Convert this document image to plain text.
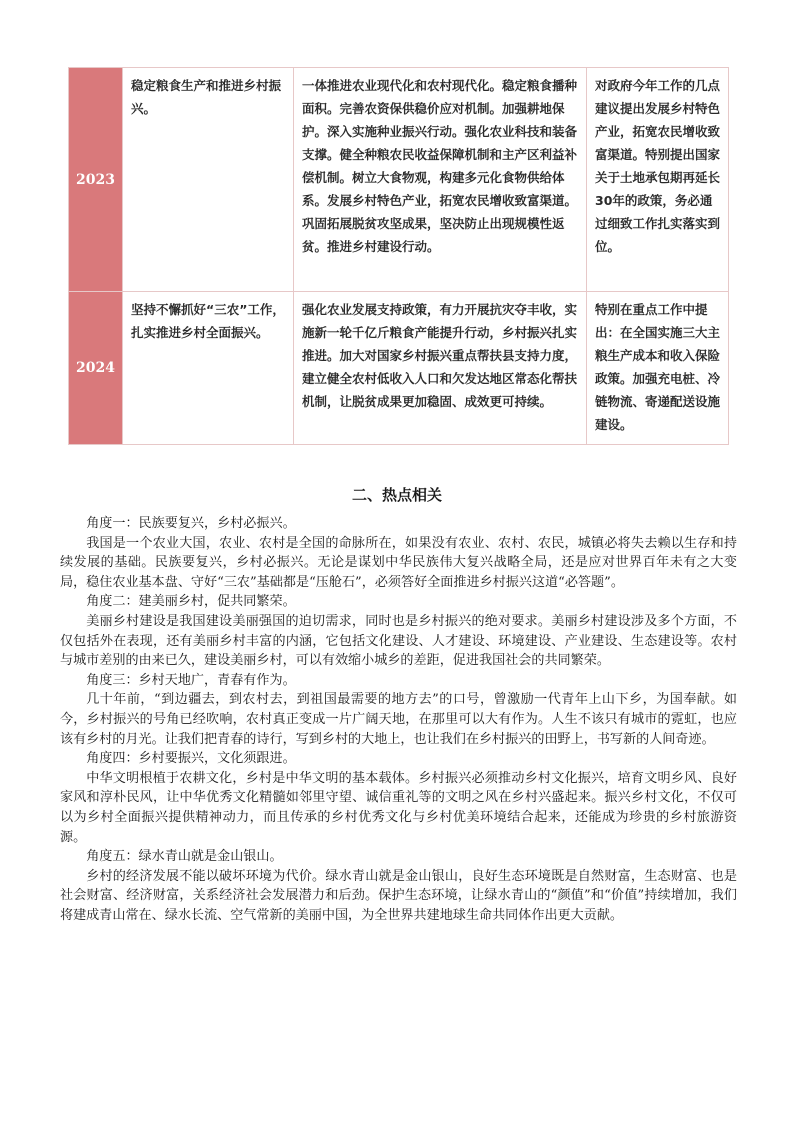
2023	稳定粮食生产和推进乡村振兴。	一体推进农业现代化和农村现代化。稳定粮食播种面积。完善农资保供稳价应对机制。加强耕地保护。深入实施种业振兴行动。强化农业科技和装备支撑。健全种粮农民收益保障机制和主产区利益补偿机制。树立大食物观，构建多元化食物供给体系。发展乡村特色产业，拓宽农民增收致富渠道。巩固拓展脱贫攻坚成果，坚决防止出现规模性返贫。推进乡村建设行动。	对政府今年工作的几点建议提出发展乡村特色产业，拓宽农民增收致富渠道。特别提出国家关于土地承包期再延长30年的政策，务必通过细致工作扎实落实到位。

2024	坚持不懈抓好“三农”工作，扎实推进乡村全面振兴。	强化农业发展支持政策，有力开展抗灾夺丰收，实施新一轮千亿斤粮食产能提升行动，乡村振兴扎实推进。加大对国家乡村振兴重点帮扶县支持力度，建立健全农村低收入人口和欠发达地区常态化帮扶机制，让脱贫成果更加稳固、成效更可持续。	特别在重点工作中提出：在全国实施三大主粮生产成本和收入保险政策。加强充电桩、冷链物流、寄递配送设施建设。
二、热点相关

角度一：民族要复兴，乡村必振兴。

我国是一个农业大国，农业、农村是全国的命脉所在，如果没有农业、农村、农民，城镇必将失去赖以生存和持续发展的基础。民族要复兴，乡村必振兴。无论是谋划中华民族伟大复兴战略全局，还是应对世界百年未有之大变局，稳住农业基本盘、守好“三农”基础都是“压舱石”，必须答好全面推进乡村振兴这道“必答题”。

角度二：建美丽乡村，促共同繁荣。

美丽乡村建设是我国建设美丽强国的迫切需求，同时也是乡村振兴的绝对要求。美丽乡村建设涉及多个方面，不仅包括外在表现，还有美丽乡村丰富的内涵，它包括文化建设、人才建设、环境建设、产业建设、生态建设等。农村与城市差别的由来已久，建设美丽乡村，可以有效缩小城乡的差距，促进我国社会的共同繁荣。

角度三：乡村天地广，青春有作为。

几十年前，“到边疆去，到农村去，到祖国最需要的地方去”的口号，曾激励一代青年上山下乡，为国奉献。如今，乡村振兴的号角已经吹响，农村真正变成一片广阔天地，在那里可以大有作为。人生不该只有城市的霓虹，也应该有乡村的月光。让我们把青春的诗行，写到乡村的大地上，也让我们在乡村振兴的田野上，书写新的人间奇迹。

角度四：乡村要振兴，文化须跟进。

中华文明根植于农耕文化，乡村是中华文明的基本载体。乡村振兴必须推动乡村文化振兴，培育文明乡风、良好家风和淳朴民风，让中华优秀文化精髓如邻里守望、诚信重礼等的文明之风在乡村兴盛起来。振兴乡村文化，不仅可以为乡村全面振兴提供精神动力，而且传承的乡村优秀文化与乡村优美环境结合起来，还能成为珍贵的乡村旅游资源。

角度五：绿水青山就是金山银山。

乡村的经济发展不能以破坏环境为代价。绿水青山就是金山银山，良好生态环境既是自然财富，生态财富、也是社会财富、经济财富，关系经济社会发展潜力和后劲。保护生态环境，让绿水青山的“颜值”和“价值”持续增加，我们将建成青山常在、绿水长流、空气常新的美丽中国，为全世界共建地球生命共同体作出更大贡献。
